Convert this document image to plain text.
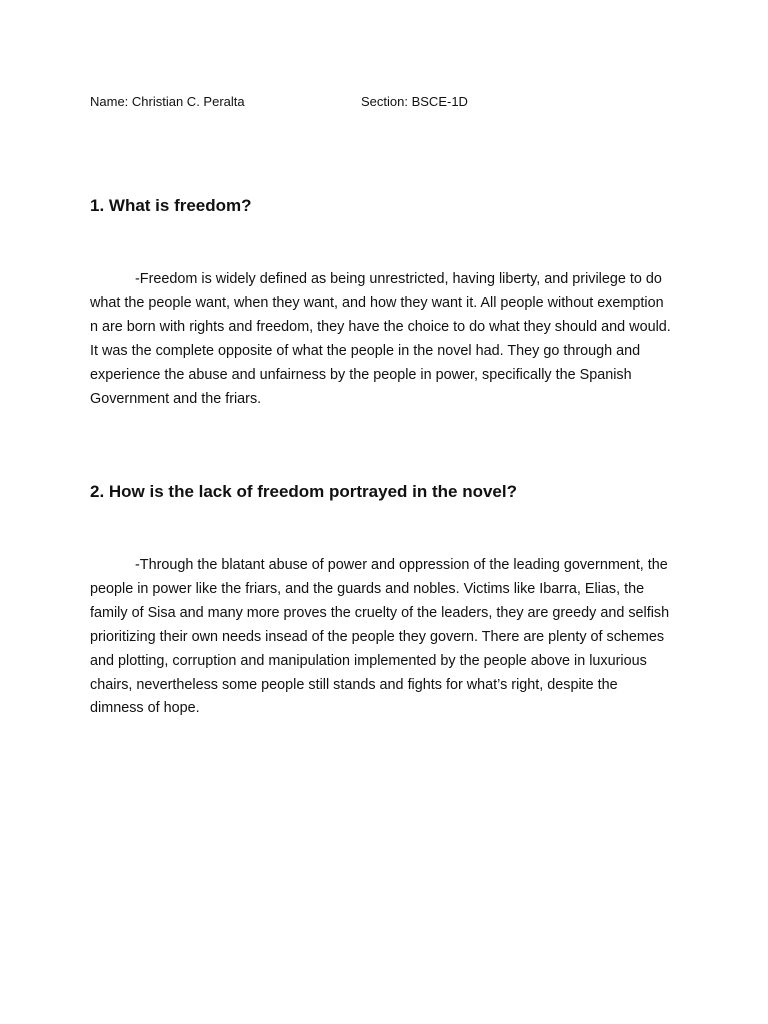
Name: Christian C. Peralta	Section: BSCE-1D
1. What is freedom?

-Freedom is widely defined as being unrestricted, having liberty, and privilege to do what the people want, when they want, and how they want it. All people without exemption n are born with rights and freedom, they have the choice to do what they should and would. It was the complete opposite of what the people in the novel had. They go through and experience the abuse and unfairness by the people in power, specifically the Spanish Government and the friars.

2. How is the lack of freedom portrayed in the novel?

-Through the blatant abuse of power and oppression of the leading government, the people in power like the friars, and the guards and nobles. Victims like Ibarra, Elias, the family of Sisa and many more proves the cruelty of the leaders, they are greedy and selfish prioritizing their own needs insead of the people they govern. There are plenty of schemes and plotting, corruption and manipulation implemented by the people above in luxurious chairs, nevertheless some people still stands and fights for what’s right, despite the dimness of hope.
